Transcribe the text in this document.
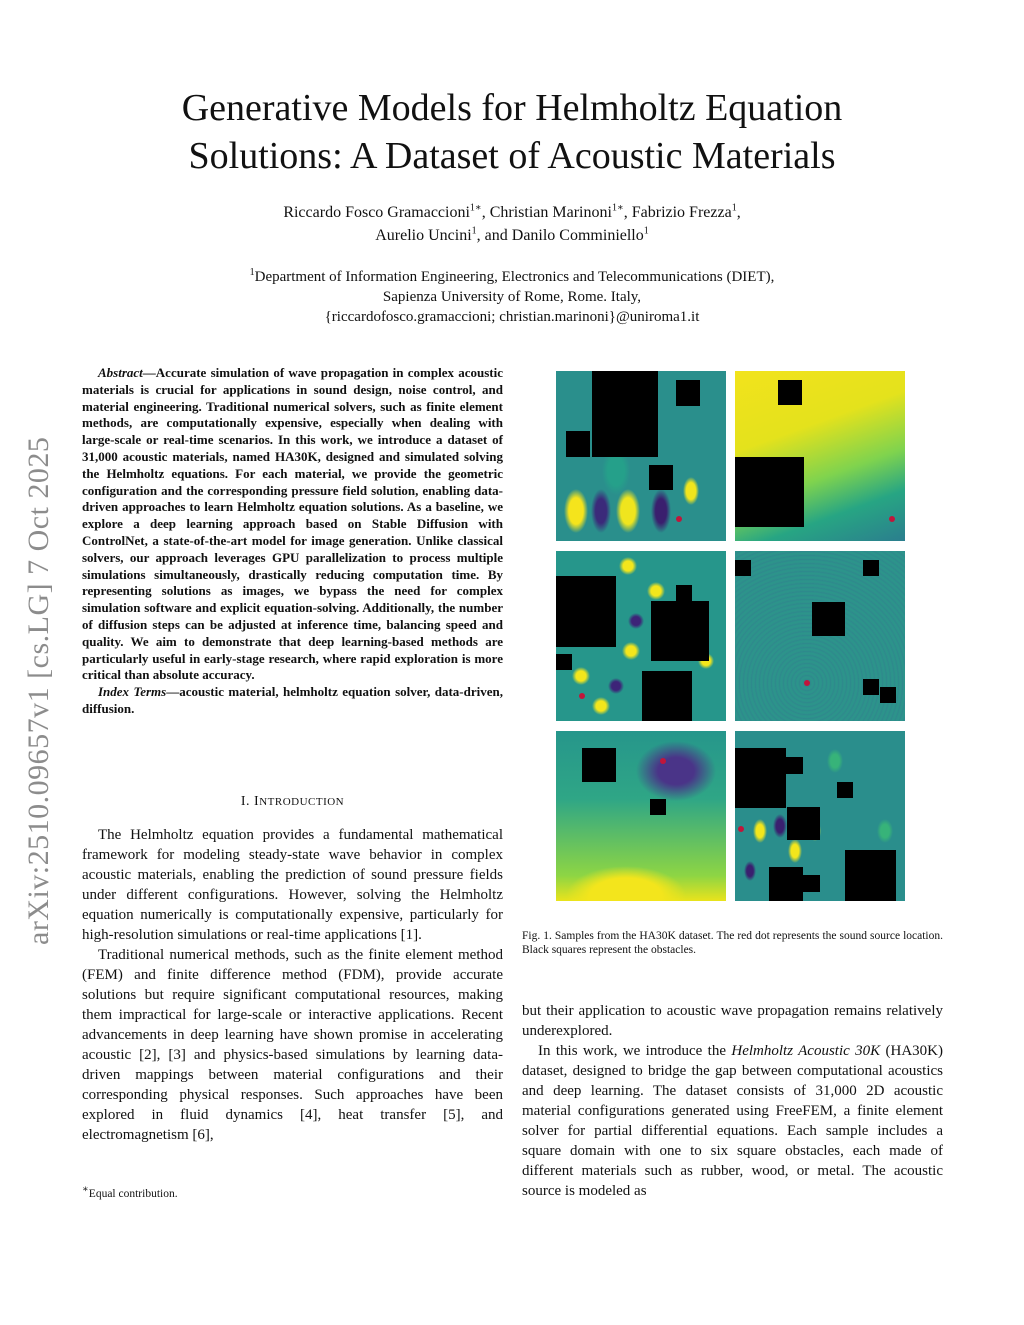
arXiv:2510.09657v1 [cs.LG] 7 Oct 2025
Generative Models for Helmholtz Equation
Solutions: A Dataset of Acoustic Materials
Riccardo Fosco Gramaccioni$^{1∗}$, Christian Marinoni$^{1∗}$, Fabrizio Frezza$^1$,
Aurelio Uncini$^1$, and Danilo Comminiello$^1$
$^1$Department of Information Engineering, Electronics and Telecommunications (DIET),
Sapienza University of Rome, Rome. Italy,
{riccardofosco.gramaccioni; christian.marinoni}@uniroma1.it

Abstract—Accurate simulation of wave propagation in complex acoustic materials is crucial for applications in sound design, noise control, and material engineering. Traditional numerical solvers, such as finite element methods, are computationally expensive, especially when dealing with large-scale or real-time scenarios. In this work, we introduce a dataset of 31,000 acoustic materials, named HA30K, designed and simulated solving the Helmholtz equations. For each material, we provide the geometric configuration and the corresponding pressure field solution, enabling data-driven approaches to learn Helmholtz equation solutions. As a baseline, we explore a deep learning approach based on Stable Diffusion with ControlNet, a state-of-the-art model for image generation. Unlike classical solvers, our approach leverages GPU parallelization to process multiple simulations simultaneously, drastically reducing computation time. By representing solutions as images, we bypass the need for complex simulation software and explicit equation-solving. Additionally, the number of diffusion steps can be adjusted at inference time, balancing speed and quality. We aim to demonstrate that deep learning-based methods are particularly useful in early-stage research, where rapid exploration is more critical than absolute accuracy.

Index Terms—acoustic material, helmholtz equation solver, data-driven, diffusion.

I. INTRODUCTION

The Helmholtz equation provides a fundamental mathematical framework for modeling steady-state wave behavior in complex acoustic materials, enabling the prediction of sound pressure fields under different configurations. However, solving the Helmholtz equation numerically is computationally expensive, particularly for high-resolution simulations or real-time applications [1].

Traditional numerical methods, such as the finite element method (FEM) and finite difference method (FDM), provide accurate solutions but require significant computational resources, making them impractical for large-scale or interactive applications. Recent advancements in deep learning have shown promise in accelerating acoustic [2], [3] and physics-based simulations by learning data-driven mappings between material configurations and their corresponding physical responses. Such approaches have been explored in fluid dynamics [4], heat transfer [5], and electromagnetism [6],

∗Equal contribution.
Fig. 1. Samples from the HA30K dataset. The red dot represents the sound source location. Black squares represent the obstacles.

but their application to acoustic wave propagation remains relatively underexplored.

In this work, we introduce the Helmholtz Acoustic 30K (HA30K) dataset, designed to bridge the gap between computational acoustics and deep learning. The dataset consists of 31,000 2D acoustic material configurations generated using FreeFEM, a finite element solver for partial differential equations. Each sample includes a square domain with one to six square obstacles, each made of different materials such as rubber, wood, or metal. The acoustic source is modeled as
